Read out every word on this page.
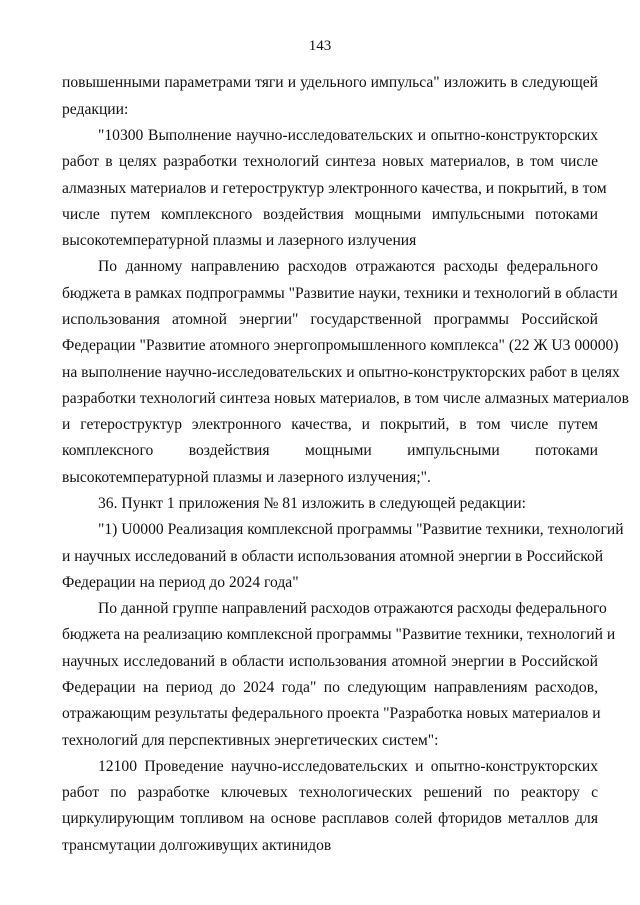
143
повышенными параметрами тяги и удельного импульса" изложить в следующей
редакции:
"10300 Выполнение научно-исследовательских и опытно-конструкторских
работ в целях разработки технологий синтеза новых материалов, в том числе
алмазных материалов и гетероструктур электронного качества, и покрытий, в том
числе путем комплексного воздействия мощными импульсными потоками
высокотемпературной плазмы и лазерного излучения
По данному направлению расходов отражаются расходы федерального
бюджета в рамках подпрограммы "Развитие науки, техники и технологий в области
использования атомной энергии" государственной программы Российской
Федерации "Развитие атомного энергопромышленного комплекса" (22 Ж U3 00000)
на выполнение научно-исследовательских и опытно-конструкторских работ в целях
разработки технологий синтеза новых материалов, в том числе алмазных материалов
и гетероструктур электронного качества, и покрытий, в том числе путем
комплексного воздействия мощными импульсными потоками
высокотемпературной плазмы и лазерного излучения;".
36. Пункт 1 приложения № 81 изложить в следующей редакции:
"1) U0000 Реализация комплексной программы "Развитие техники, технологий
и научных исследований в области использования атомной энергии в Российской
Федерации на период до 2024 года"
По данной группе направлений расходов отражаются расходы федерального
бюджета на реализацию комплексной программы "Развитие техники, технологий и
научных исследований в области использования атомной энергии в Российской
Федерации на период до 2024 года" по следующим направлениям расходов,
отражающим результаты федерального проекта "Разработка новых материалов и
технологий для перспективных энергетических систем":
12100 Проведение научно-исследовательских и опытно-конструкторских
работ по разработке ключевых технологических решений по реактору с
циркулирующим топливом на основе расплавов солей фторидов металлов для
трансмутации долгоживущих актинидов
